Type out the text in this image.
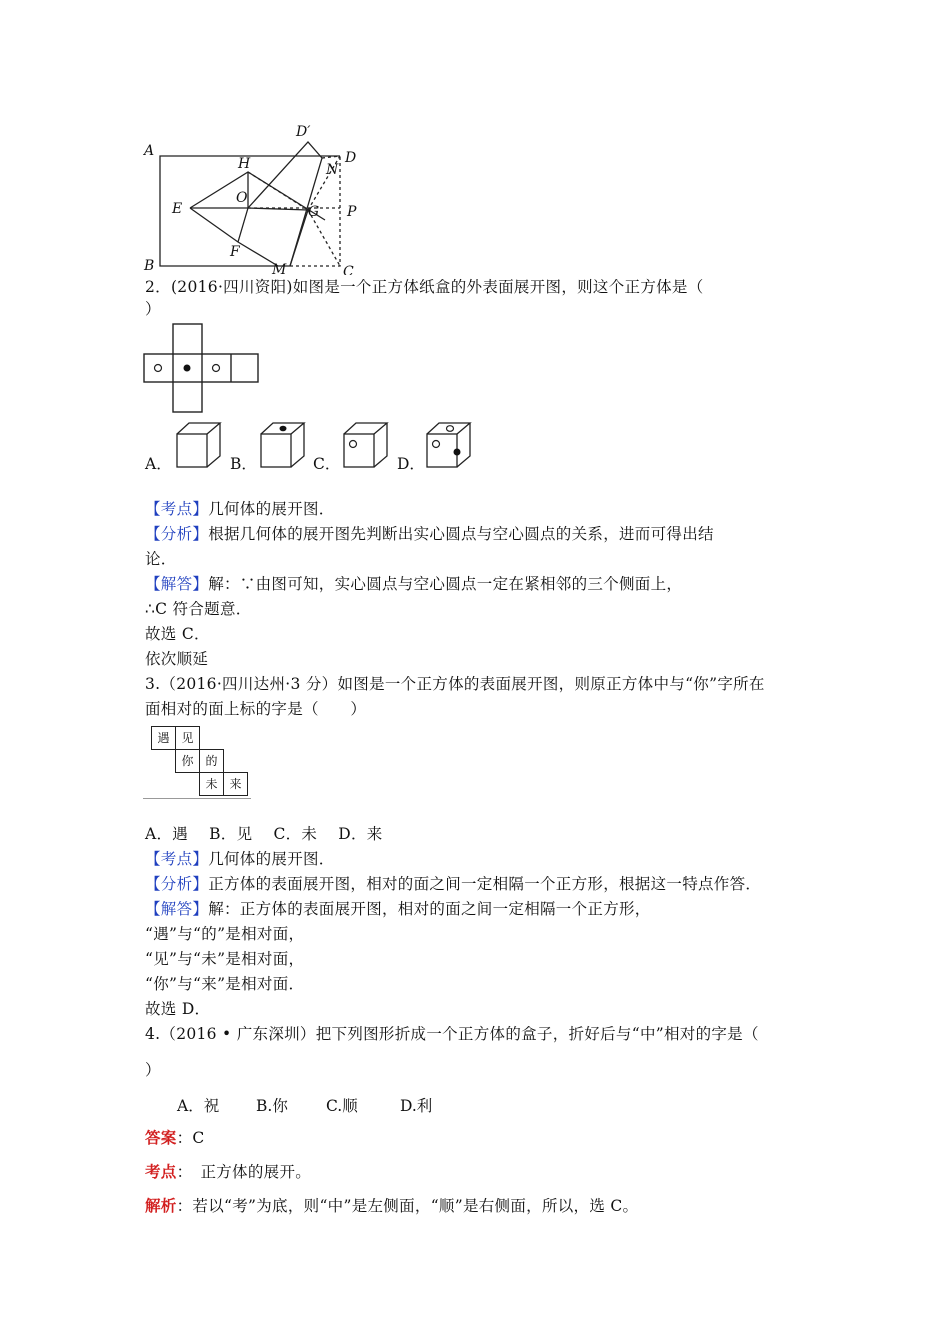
A
B	C
D
D′
H
O
E
F
G P
N
M
2．(2016·四川资阳)如图是一个正方体纸盒的外表面展开图，则这个正方体是（
）
A．	B．	C．	D．
【考点】几何体的展开图．
【分析】根据几何体的展开图先判断出实心圆点与空心圆点的关系，进而可得出结
论．
【解答】解：∵由图可知，实心圆点与空心圆点一定在紧相邻的三个侧面上，
∴C 符合题意．
故选 C．
依次顺延
3.（2016·四川达州·3 分）如图是一个正方体的表面展开图，则原正方体中与“你”字所在
面相对的面上标的字是（　　）
遇 见
你 的
未 来
A．遇　 B．见　 C．未　 D．来
【考点】几何体的展开图．
【分析】正方体的表面展开图，相对的面之间一定相隔一个正方形，根据这一特点作答．
【解答】解：正方体的表面展开图，相对的面之间一定相隔一个正方形，
“遇”与“的”是相对面，
“见”与“未”是相对面，
“你”与“来”是相对面．
故选 D．
4.（2016 • 广东深圳）把下列图形折成一个正方体的盒子，折好后与“中”相对的字是（
）
A．祝 B.你 C.顺	D.利
答案：C
考点：　正方体的展开。
解析：若以“考”为底，则“中”是左侧面，“顺”是右侧面，所以，选 C。
